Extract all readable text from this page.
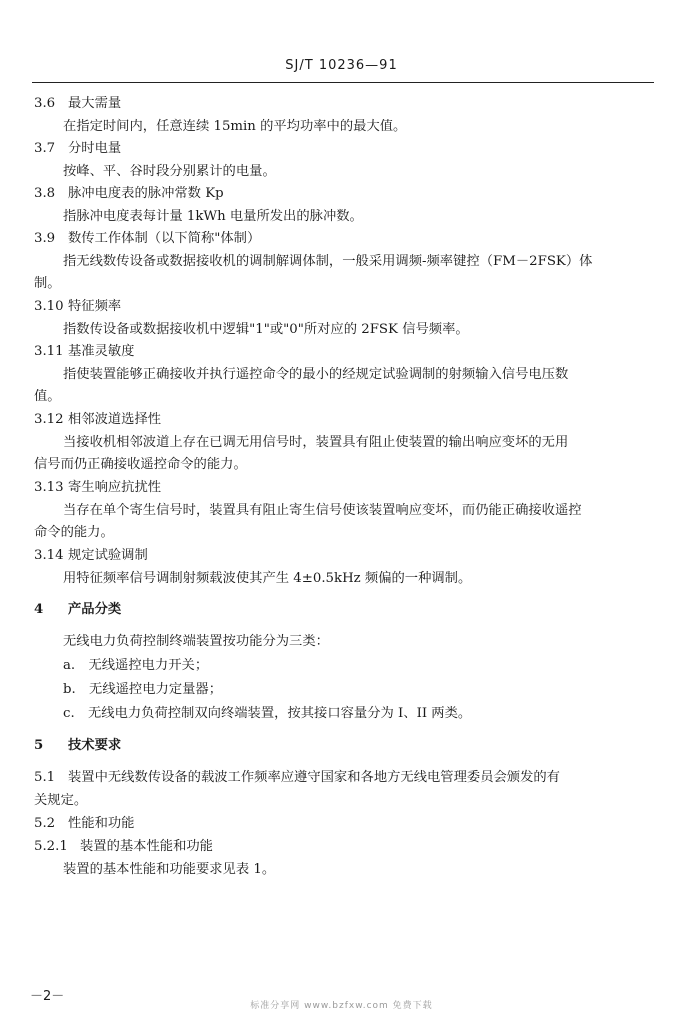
SJ/T 10236—91
3.6 最大需量
在指定时间内，任意连续 15min 的平均功率中的最大值。
3.7 分时电量
按峰、平、谷时段分别累计的电量。
3.8 脉冲电度表的脉冲常数 Kp
指脉冲电度表每计量 1kWh 电量所发出的脉冲数。
3.9 数传工作体制（以下简称"体制）
指无线数传设备或数据接收机的调制解调体制，一般采用调频-频率键控（FM－2FSK）体
制。
3.10 特征频率
指数传设备或数据接收机中逻辑"1"或"0"所对应的 2FSK 信号频率。
3.11 基准灵敏度
指使装置能够正确接收并执行遥控命令的最小的经规定试验调制的射频输入信号电压数
值。
3.12 相邻波道选择性
当接收机相邻波道上存在已调无用信号时，装置具有阻止使装置的输出响应变坏的无用
信号而仍正确接收遥控命令的能力。
3.13 寄生响应抗扰性
当存在单个寄生信号时，装置具有阻止寄生信号使该装置响应变坏，而仍能正确接收遥控
命令的能力。
3.14 规定试验调制
用特征频率信号调制射频载波使其产生 4±0.5kHz 频偏的一种调制。
4 产品分类
无线电力负荷控制终端装置按功能分为三类：
a.　无线遥控电力开关；
b.　无线遥控电力定量器；
c.　无线电力负荷控制双向终端装置，按其接口容量分为 I、II 两类。
5 技术要求
5.1 装置中无线数传设备的载波工作频率应遵守国家和各地方无线电管理委员会颁发的有
关规定。
5.2 性能和功能
5.2.1 装置的基本性能和功能
装置的基本性能和功能要求见表 1。
－2－
标准分享网 www.bzfxw.com 免费下载
